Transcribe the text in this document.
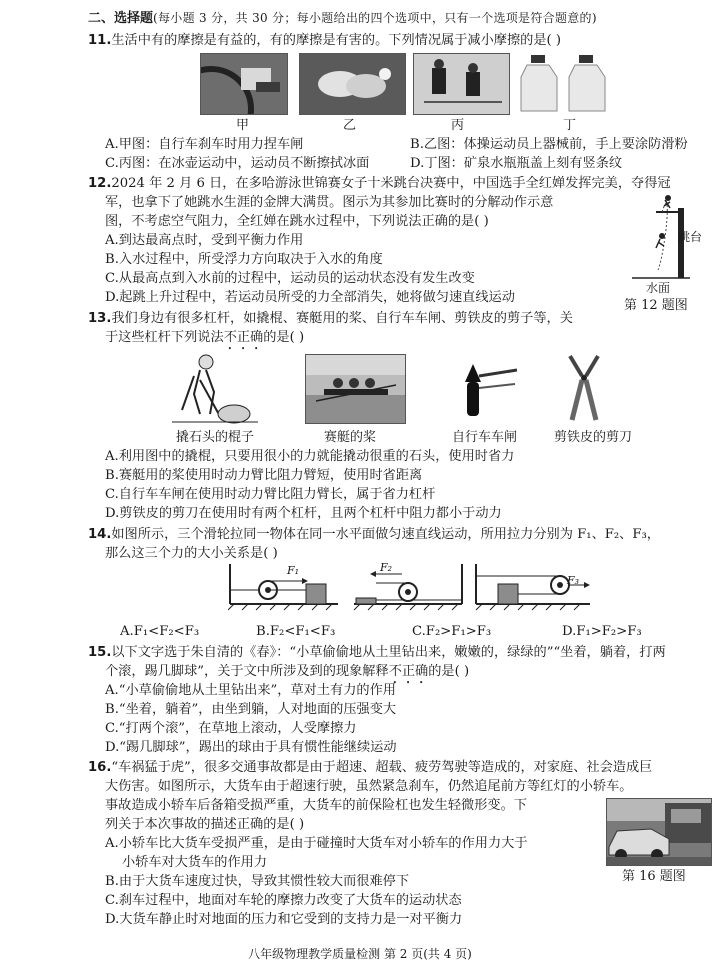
二、选择题(每小题 3 分，共 30 分；每小题给出的四个选项中，只有一个选项是符合题意的)
11.生活中有的摩擦是有益的，有的摩擦是有害的。下列情况属于减小摩擦的是( )
甲	乙	丙	丁
A.甲图：自行车刹车时用力捏车闸	B.乙图：体操运动员上器械前，手上要涂防滑粉
C.丙图：在冰壶运动中，运动员不断擦拭冰面	D.丁图：矿泉水瓶瓶盖上刻有竖条纹
12.2024 年 2 月 6 日，在多哈游泳世锦赛女子十米跳台决赛中，中国选手全红婵发挥完美，夺得冠
军，也拿下了她跳水生涯的金牌大满贯。图示为其参加比赛时的分解动作示意
图，不考虑空气阻力，全红婵在跳水过程中，下列说法正确的是( )
A.到达最高点时，受到平衡力作用
B.入水过程中，所受浮力方向取决于入水的角度
C.从最高点到入水前的过程中，运动员的运动状态没有发生改变
D.起跳上升过程中，若运动员所受的力全部消失，她将做匀速直线运动
跳台
水面
第 12 题图
13.我们身边有很多杠杆，如撬棍、赛艇用的桨、自行车车闸、剪铁皮的剪子等，关
于这些杠杆下列说法不正确的是( )
撬石头的棍子	赛艇的桨	自行车车闸	剪铁皮的剪刀
A.利用图中的撬棍，只要用很小的力就能撬动很重的石头，使用时省力
B.赛艇用的桨使用时动力臂比阻力臂短，使用时省距离
C.自行车车闸在使用时动力臂比阻力臂长，属于省力杠杆
D.剪铁皮的剪刀在使用时有两个杠杆，且两个杠杆中阻力都小于动力
14.如图所示，三个滑轮拉同一物体在同一水平面做匀速直线运动，所用拉力分别为 F₁、F₂、F₃，
那么这三个力的大小关系是( )
F₁	F₂
F₃
A.F₁<F₂<F₃	B.F₂<F₁<F₃	C.F₂>F₁>F₃	D.F₁>F₂>F₃
15.以下文字选于朱自清的《春》：“小草偷偷地从土里钻出来，嫩嫩的，绿绿的”“坐着，躺着，打两
个滚，踢几脚球”，关于文中所涉及到的现象解释不正确的是( )
A.“小草偷偷地从土里钻出来”，草对土有力的作用
B.“坐着，躺着”，由坐到躺，人对地面的压强变大
C.“打两个滚”，在草地上滚动，人受摩擦力
D.“踢几脚球”，踢出的球由于具有惯性能继续运动
16.“车祸猛于虎”，很多交通事故都是由于超速、超载、疲劳驾驶等造成的，对家庭、社会造成巨
大伤害。如图所示，大货车由于超速行驶，虽然紧急刹车，仍然追尾前方等红灯的小轿车。
事故造成小轿车后备箱受损严重，大货车的前保险杠也发生轻微形变。下
列关于本次事故的描述正确的是( )
A.小轿车比大货车受损严重，是由于碰撞时大货车对小轿车的作用力大于
小轿车对大货车的作用力
B.由于大货车速度过快，导致其惯性较大而很难停下
C.刹车过程中，地面对车轮的摩擦力改变了大货车的运动状态
D.大货车静止时对地面的压力和它受到的支持力是一对平衡力
第 16 题图
八年级物理教学质量检测 第 2 页(共 4 页)
